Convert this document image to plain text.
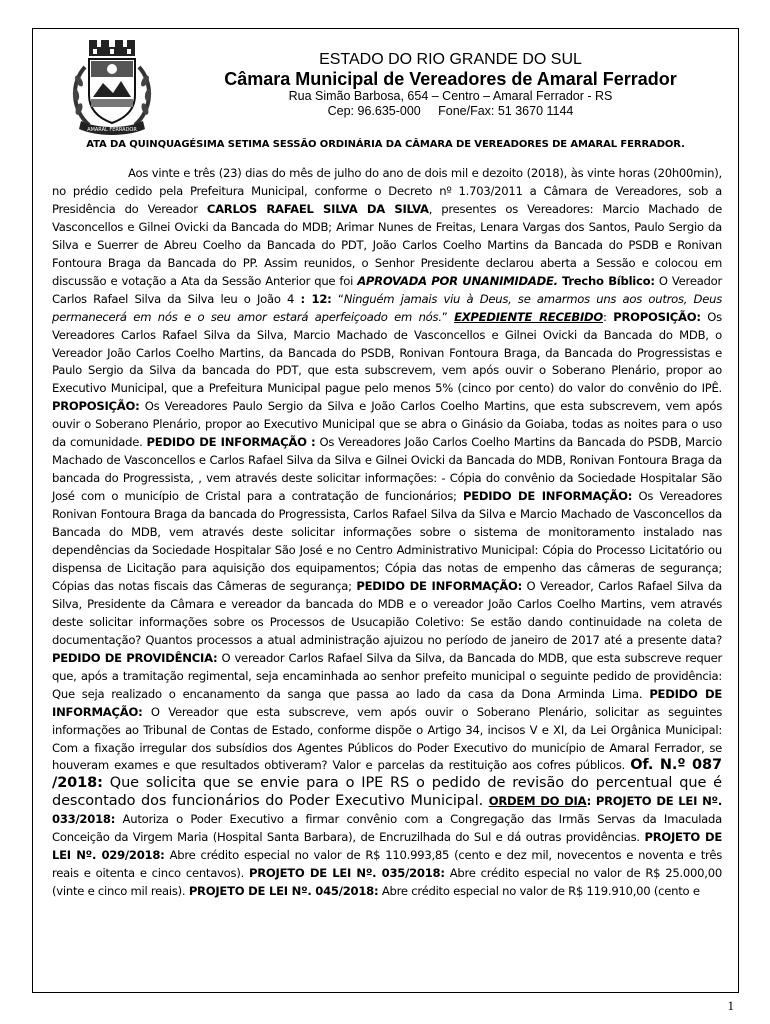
AMARAL FERRADOR
ESTADO DO RIO GRANDE DO SUL
Câmara Municipal de Vereadores de Amaral Ferrador
Rua Simão Barbosa, 654 – Centro – Amaral Ferrador - RS
Cep: 96.635-000     Fone/Fax: 51 3670 1144
ATA DA QUINQUAGÉSIMA SETIMA SESSÃO ORDINÁRIA DA CÂMARA DE VEREADORES DE AMARAL FERRADOR.

Aos vinte e três (23) dias do mês de julho do ano de dois mil e dezoito (2018), às vinte horas (20h00min), no prédio cedido pela Prefeitura Municipal, conforme o Decreto nº 1.703/2011 a Câmara de Vereadores, sob a Presidência do Vereador CARLOS RAFAEL SILVA DA SILVA, presentes os Vereadores: Marcio Machado de Vasconcellos e Gilnei Ovicki da Bancada do MDB; Arimar Nunes de Freitas, Lenara Vargas dos Santos, Paulo Sergio da Silva e Suerrer de Abreu Coelho da Bancada do PDT, João Carlos Coelho Martins da Bancada do PSDB e Ronivan Fontoura Braga da Bancada do PP. Assim reunidos, o Senhor Presidente declarou aberta a Sessão e colocou em discussão e votação a Ata da Sessão Anterior que foi APROVADA POR UNANIMIDADE. Trecho Bíblico: O Vereador Carlos Rafael Silva da Silva leu o João 4 : 12: “Ninguém jamais viu à Deus, se amarmos uns aos outros, Deus permanecerá em nós e o seu amor estará aperfeiçoado em nós.” EXPEDIENTE RECEBIDO: PROPOSIÇÃO: Os Vereadores Carlos Rafael Silva da Silva, Marcio Machado de Vasconcellos e Gilnei Ovicki da Bancada do MDB, o Vereador João Carlos Coelho Martins, da Bancada do PSDB, Ronivan Fontoura Braga, da Bancada do Progressistas e Paulo Sergio da Silva da bancada do PDT, que esta subscrevem, vem após ouvir o Soberano Plenário, propor ao Executivo Municipal, que a Prefeitura Municipal pague pelo menos 5% (cinco por cento) do valor do convênio do IPÊ. PROPOSIÇÃO: Os Vereadores Paulo Sergio da Silva e João Carlos Coelho Martins, que esta subscrevem, vem após ouvir o Soberano Plenário, propor ao Executivo Municipal que se abra o Ginásio da Goiaba, todas as noites para o uso da comunidade. PEDIDO DE INFORMAÇÃO : Os Vereadores João Carlos Coelho Martins da Bancada do PSDB, Marcio Machado de Vasconcellos e Carlos Rafael Silva da Silva e Gilnei Ovicki da Bancada do MDB, Ronivan Fontoura Braga da bancada do Progressista, , vem através deste solicitar informações: - Cópia do convênio da Sociedade Hospitalar São José com o município de Cristal para a contratação de funcionários; PEDIDO DE INFORMAÇÃO: Os Vereadores Ronivan Fontoura Braga da bancada do Progressista, Carlos Rafael Silva da Silva e Marcio Machado de Vasconcellos da Bancada do MDB, vem através deste solicitar informações sobre o sistema de monitoramento instalado nas dependências da Sociedade Hospitalar São José e no Centro Administrativo Municipal: Cópia do Processo Licitatório ou dispensa de Licitação para aquisição dos equipamentos; Cópia das notas de empenho das câmeras de segurança; Cópias das notas fiscais das Câmeras de segurança; PEDIDO DE INFORMAÇÃO: O Vereador, Carlos Rafael Silva da Silva, Presidente da Câmara e vereador da bancada do MDB e o vereador João Carlos Coelho Martins, vem através deste solicitar informações sobre os Processos de Usucapião Coletivo: Se estão dando continuidade na coleta de documentação? Quantos processos a atual administração ajuizou no período de janeiro de 2017 até a presente data? PEDIDO DE PROVIDÊNCIA: O vereador Carlos Rafael Silva da Silva, da Bancada do MDB, que esta subscreve requer que, após a tramitação regimental, seja encaminhada ao senhor prefeito municipal o seguinte pedido de providência: Que seja realizado o encanamento da sanga que passa ao lado da casa da Dona Arminda Lima. PEDIDO DE INFORMAÇÃO: O Vereador que esta subscreve, vem após ouvir o Soberano Plenário, solicitar as seguintes informações ao Tribunal de Contas de Estado, conforme dispõe o Artigo 34, incisos V e XI, da Lei Orgânica Municipal: Com a fixação irregular dos subsídios dos Agentes Públicos do Poder Executivo do município de Amaral Ferrador, se houveram exames e que resultados obtiveram? Valor e parcelas da restituição aos cofres públicos. Of. N.º 087 /2018: Que solicita que se envie para o IPE RS o pedido de revisão do percentual que é descontado dos funcionários do Poder Executivo Municipal. ORDEM DO DIA: PROJETO DE LEI Nº. 033/2018: Autoriza o Poder Executivo a firmar convênio com a Congregação das Irmãs Servas da Imaculada Conceição da Virgem Maria (Hospital Santa Barbara), de Encruzilhada do Sul e dá outras providências. PROJETO DE LEI Nº. 029/2018: Abre crédito especial no valor de R$ 110.993,85 (cento e dez mil, novecentos e noventa e três reais e oitenta e cinco centavos). PROJETO DE LEI Nº. 035/2018: Abre crédito especial no valor de R$ 25.000,00 (vinte e cinco mil reais). PROJETO DE LEI Nº. 045/2018: Abre crédito especial no valor de R$ 119.910,00 (cento e

1
